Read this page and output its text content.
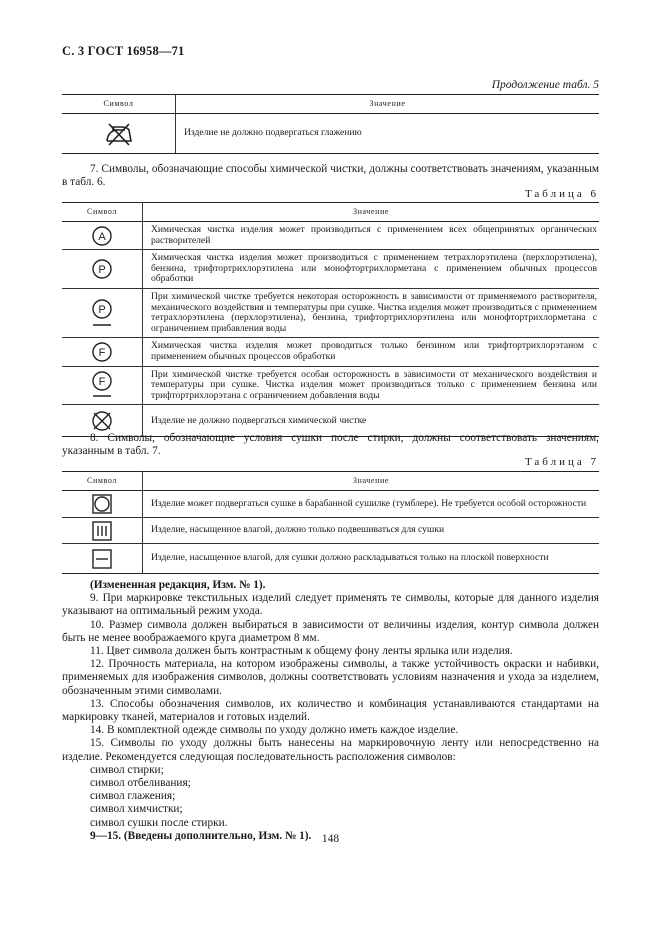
С. 3 ГОСТ 16958—71
Продолжение табл. 5
Символ	Значение
	Изделие не должно подвергаться глажению

7. Символы, обозначающие способы химической чистки, должны соответствовать значениям, указанным в табл. 6.

Таблица 6
Символ	Значение

A	Химическая чистка изделия может производиться с применением всех общепринятых органических растворителей

P	Химическая чистка изделия может производиться с применением тетрахлорэтилена (перхлорэтилена), бензина, трифтортрихлорэтилена или монофтортрихлорметана с применением обычных процессов обработки

P	При химической чистке требуется некоторая осторожность в зависимости от применяемого растворителя, механического воздействия и температуры при сушке. Чистка изделия может производиться с применением тетрахлорэтилена (перхлорэтилена), бензина, трифтортрихлорэтилена или монофтортрихлорметана с ограничением прибавления воды

F	Химическая чистка изделия может проводиться только бензином или трифтортрихлорэтаном с применением обычных процессов обработки

F	При химической чистке требуется особая осторожность в зависимости от механического воздействия и температуры при сушке. Чистка изделия может производиться только с применением бензина или трифтортрихлорэтана с ограничением добавления воды
	Изделие не должно подвергаться химической чистке

8. Символы, обозначающие условия сушки после стирки, должны соответствовать значениям, указанным в табл. 7.

Таблица 7
Символ	Значение
	Изделие может подвергаться сушке в барабанной сушилке (тумблере). Не требуется особой осторожности
	Изделие, насыщенное влагой, должно только подвешиваться для сушки
	Изделие, насыщенное влагой, для сушки должно раскладываться только на плоской поверхности

(Измененная редакция, Изм. № 1).

9. При маркировке текстильных изделий следует применять те символы, которые для данного изделия указывают на оптимальный режим ухода.

10. Размер символа должен выбираться в зависимости от величины изделия, контур символа должен быть не менее воображаемого круга диаметром 8 мм.

11. Цвет символа должен быть контрастным к общему фону ленты ярлыка или изделия.

12. Прочность материала, на котором изображены символы, а также устойчивость окраски и набивки, применяемых для изображения символов, должны соответствовать условиям назначения и ухода за изделием, обозначенным этими символами.

13. Способы обозначения символов, их количество и комбинация устанавливаются стандартами на маркировку тканей, материалов и готовых изделий.

14. В комплектной одежде символы по уходу должно иметь каждое изделие.

15. Символы по уходу должны быть нанесены на маркировочную ленту или непосредственно на изделие. Рекомендуется следующая последовательность расположения символов:

символ стирки;

символ отбеливания;

символ глажения;

символ химчистки;

символ сушки после стирки.

9—15. (Введены дополнительно, Изм. № 1). 148
